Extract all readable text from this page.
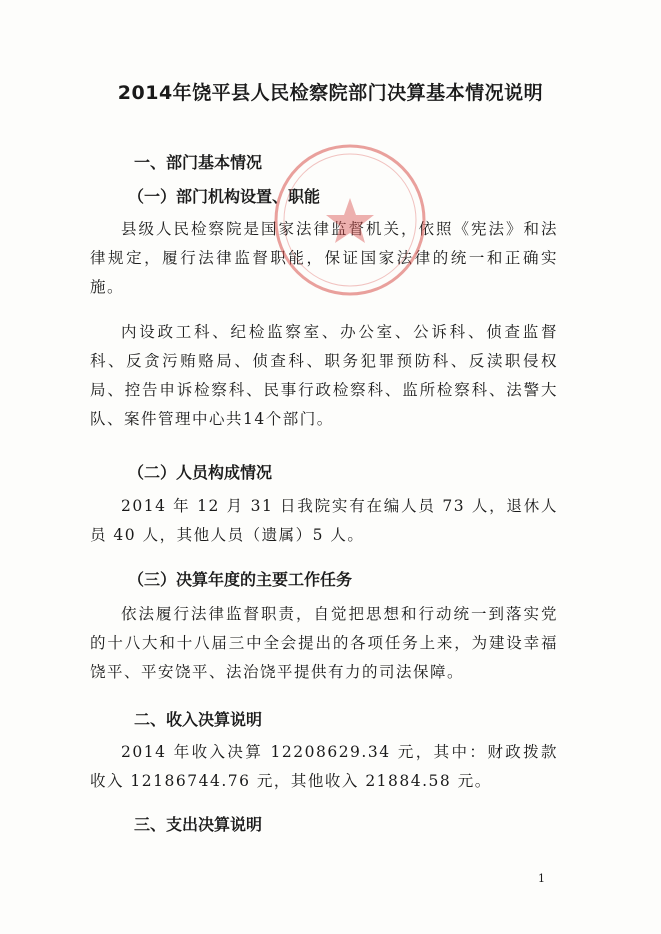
2014年饶平县人民检察院部门决算基本情况说明
一、部门基本情况
（一）部门机构设置、职能
县级人民检察院是国家法律监督机关，依照《宪法》和法律规定，履行法律监督职能，保证国家法律的统一和正确实施。
内设政工科、纪检监察室、办公室、公诉科、侦查监督科、反贪污贿赂局、侦查科、职务犯罪预防科、反渎职侵权局、控告申诉检察科、民事行政检察科、监所检察科、法警大队、案件管理中心共14个部门。
（二）人员构成情况
2014 年 12 月 31 日我院实有在编人员 73 人，退休人员 40 人，其他人员（遗属）5 人。
（三）决算年度的主要工作任务
依法履行法律监督职责，自觉把思想和行动统一到落实党的十八大和十八届三中全会提出的各项任务上来，为建设幸福饶平、平安饶平、法治饶平提供有力的司法保障。
二、收入决算说明
2014 年收入决算 12208629.34 元，其中：财政拨款收入 12186744.76 元，其他收入 21884.58 元。
三、支出决算说明
1
